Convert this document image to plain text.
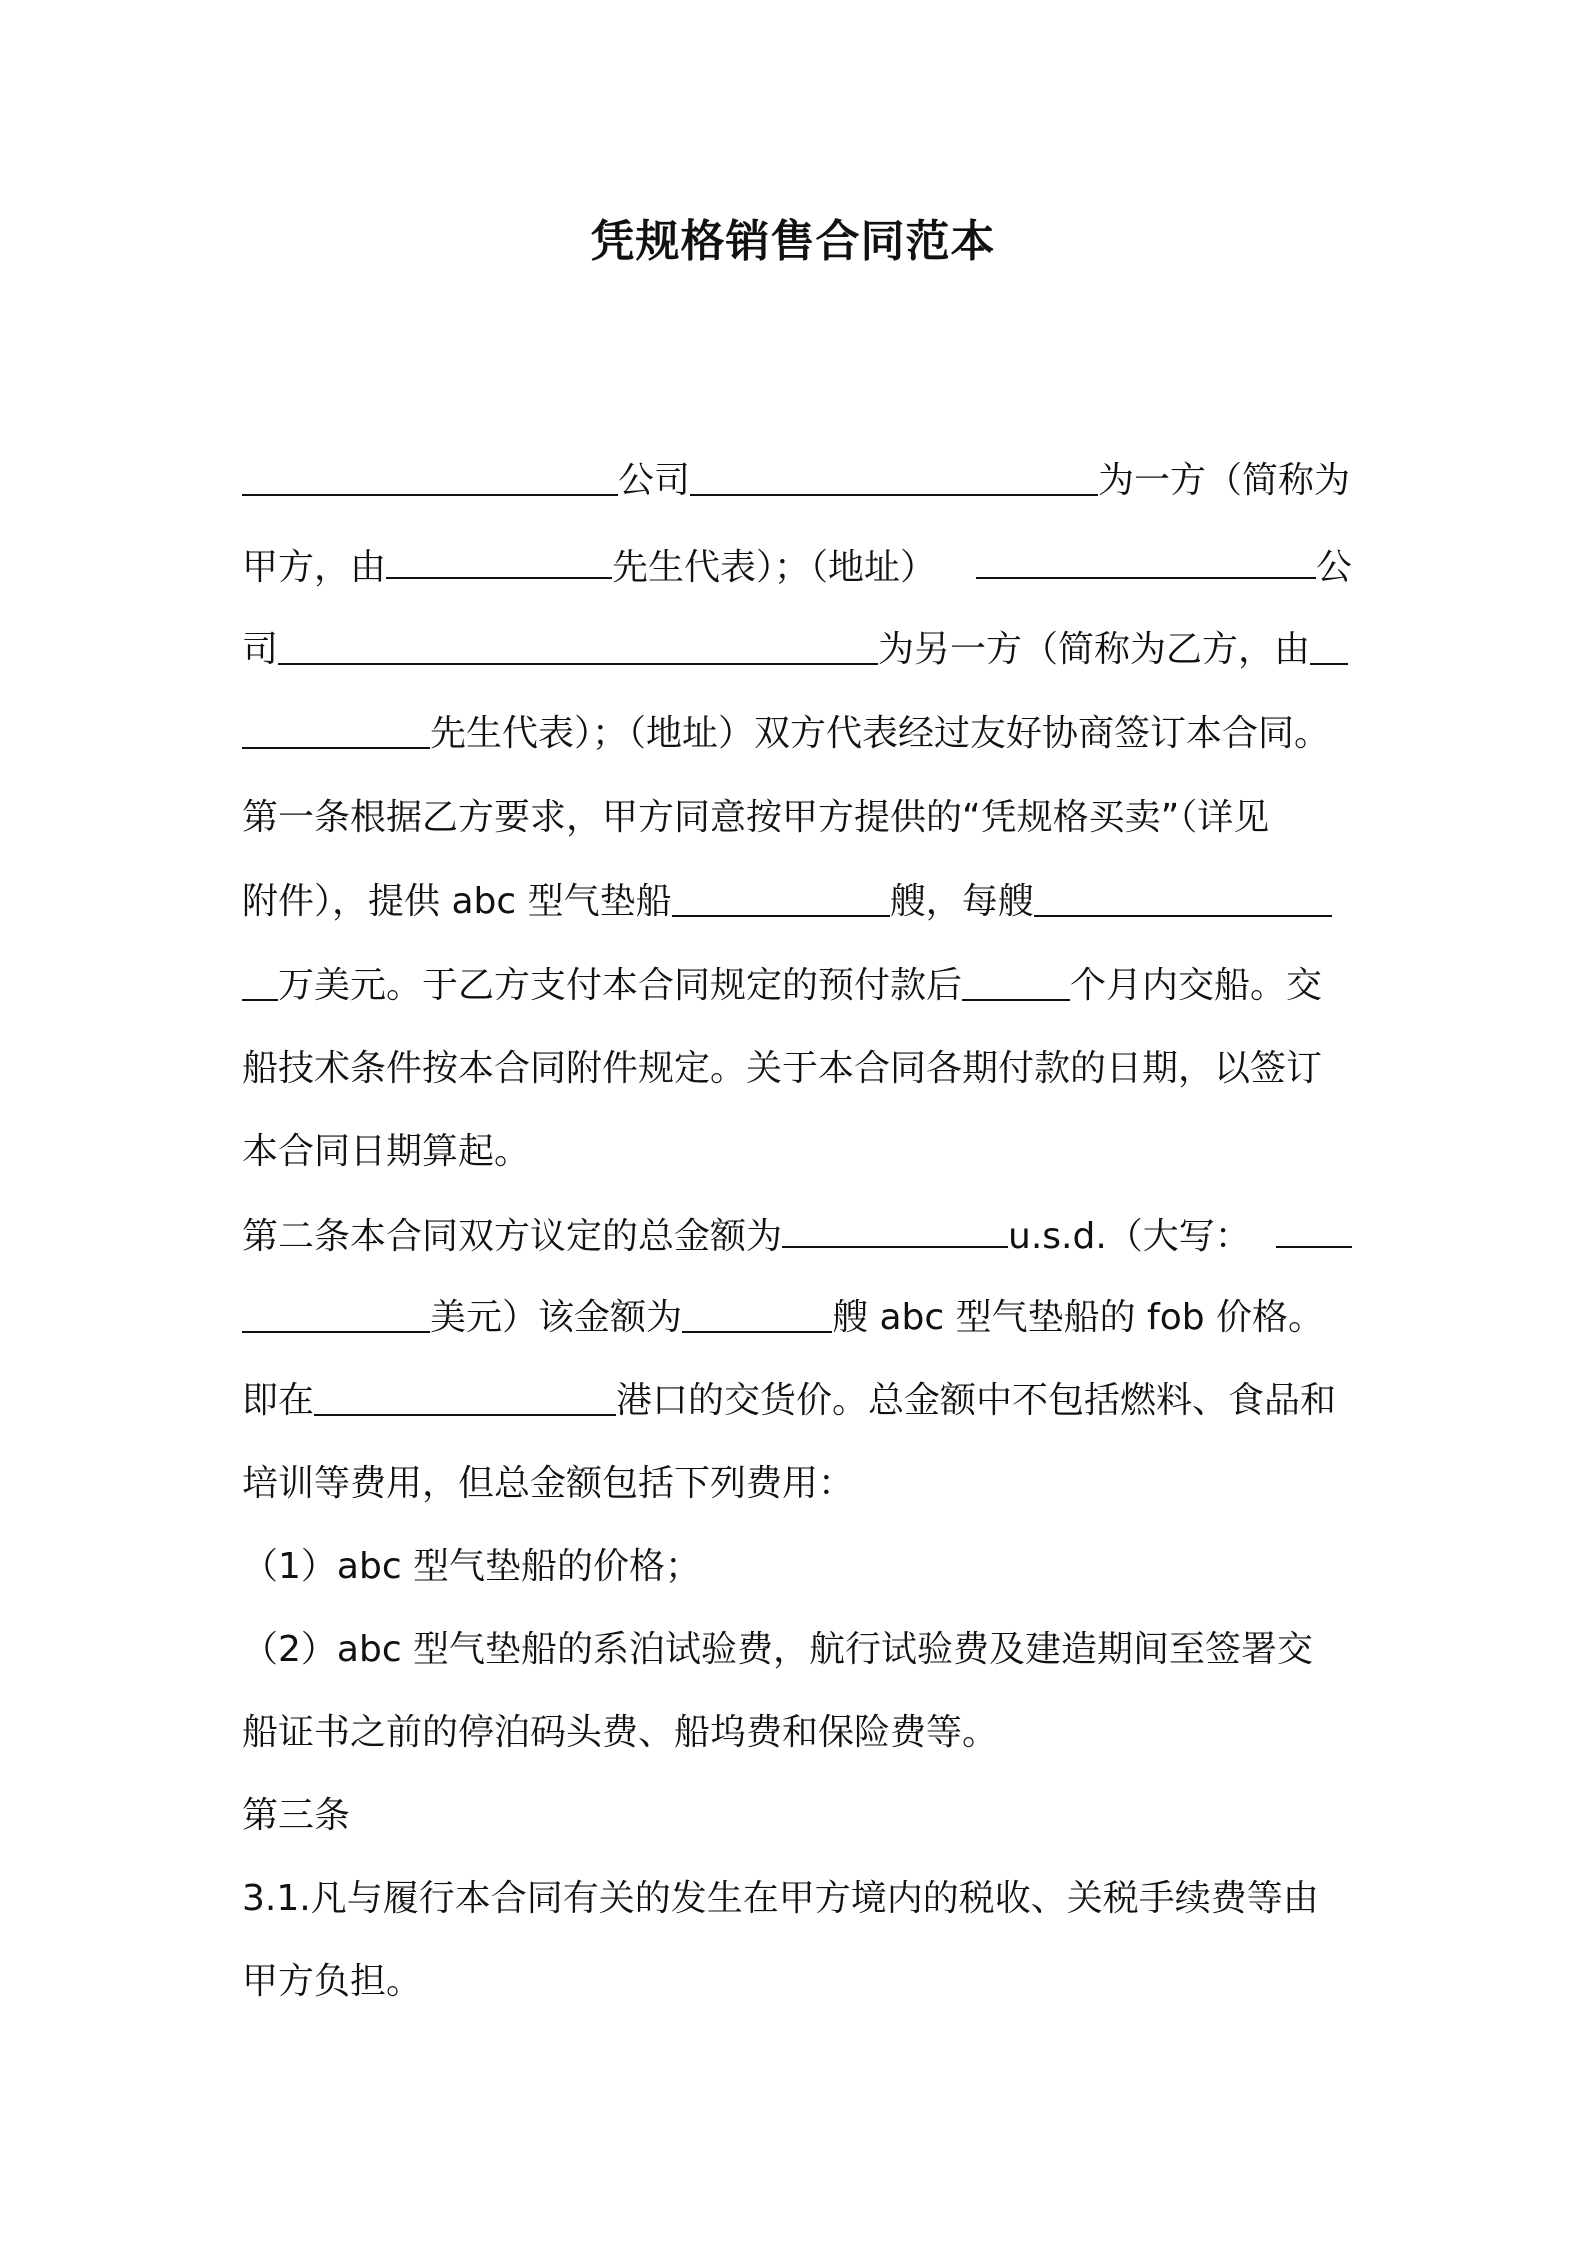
凭规格销售合同范本
公司	为一方（简称为
甲方，由	先生代表）；（地址）	公
司	为另一方（简称为乙方，由
先生代表）；（地址）双方代表经过友好协商签订本合同。
第一条根据乙方要求，甲方同意按甲方提供的“凭规格买卖”（详见
附件），提供 abc 型气垫船	艘，每艘
万美元。于乙方支付本合同规定的预付款后	个月内交船。交
船技术条件按本合同附件规定。关于本合同各期付款的日期，以签订
本合同日期算起。
第二条本合同双方议定的总金额为	u.s.d.（大写：
美元）该金额为	艘 abc 型气垫船的 fob 价格。
即在	港口的交货价。总金额中不包括燃料、食品和
培训等费用，但总金额包括下列费用：
（1）abc 型气垫船的价格；
（2）abc 型气垫船的系泊试验费，航行试验费及建造期间至签署交
船证书之前的停泊码头费、船坞费和保险费等。
第三条
3.1.凡与履行本合同有关的发生在甲方境内的税收、关税手续费等由
甲方负担。
